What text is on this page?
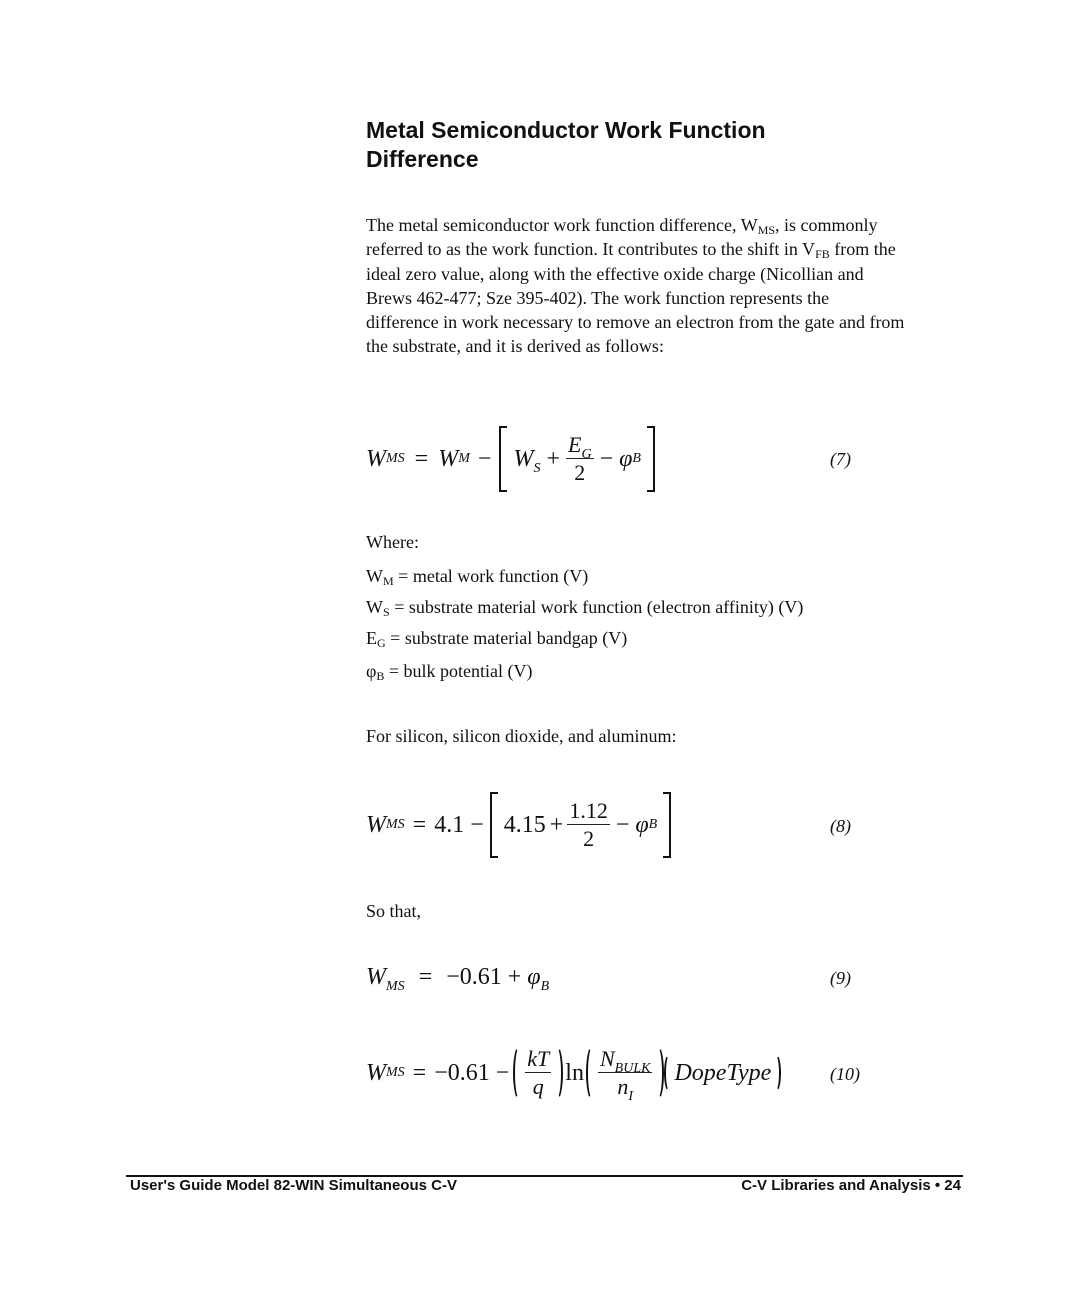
Metal Semiconductor Work Function
Difference
The metal semiconductor work function difference, $W_{MS}$, is commonly referred to as the work function. It contributes to the shift in $V_{FB}$ from the ideal zero value, along with the effective oxide charge (Nicollian and Brews 462-477; Sze 395-402). The work function represents the difference in work necessary to remove an electron from the gate and from the substrate, and it is derived as follows:
W MS = W $M - W_S + \frac{E_G}{2} - \varphi$ B	(7)
Where:
$W_M$ = metal work function (V)
$W_S$ = substrate material work function (electron affinity) (V)
$E_G$ = substrate material bandgap (V)
$\varphi_B$ = bulk potential (V)
For silicon, silicon dioxide, and aluminum:
W MS = $4.1 - 4.15 + \frac{1.12}{2} - \varphi$ B	(8)
So that,
$W_{MS} = -0.61 + \varphi_B$	(9)
W MS = $-0.61 - \frac{kT}{q}$ $\ln \frac{N_{BULK}}{n_I}$ DopeType	(10)
User's Guide Model 82-WIN Simultaneous C-V	C-V Libraries and Analysis • 24
